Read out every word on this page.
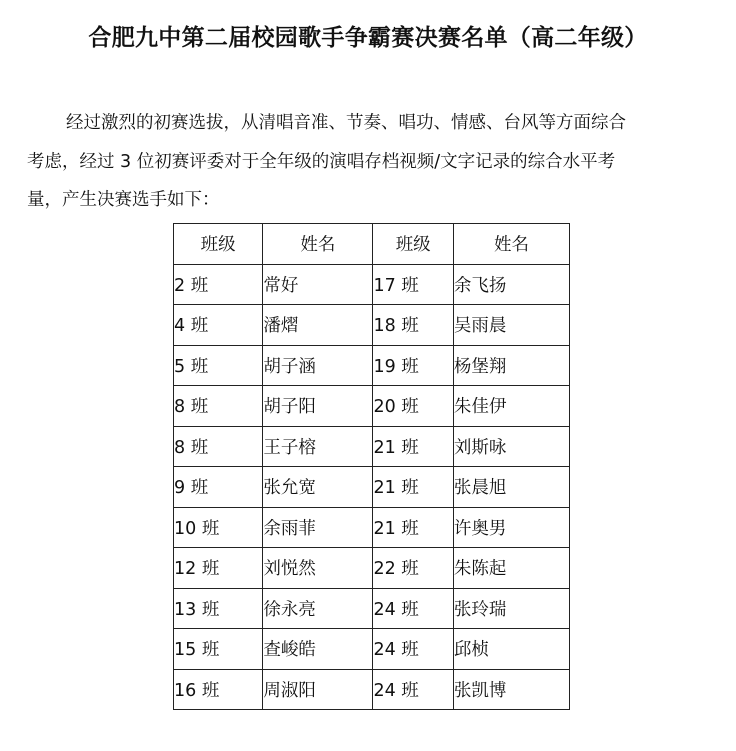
合肥九中第二届校园歌手争霸赛决赛名单（高二年级）

经过激烈的初赛选拔，从清唱音准、节奏、唱功、情感、台风等方面综合
考虑，经过 3 位初赛评委对于全年级的演唱存档视频/文字记录的综合水平考
量，产生决赛选手如下：

班级	姓名	班级	姓名
2 班	常好	17 班	余飞扬
4 班	潘熠	18 班	吴雨晨
5 班	胡子涵	19 班	杨堡翔
8 班	胡子阳	20 班	朱佳伊
8 班	王子榕	21 班	刘斯咏
9 班	张允宽	21 班	张晨旭
10 班	余雨菲	21 班	许奥男
12 班	刘悦然	22 班	朱陈起
13 班	徐永亮	24 班	张玲瑞
15 班	查峻皓	24 班	邱桢
16 班	周淑阳	24 班	张凯博
